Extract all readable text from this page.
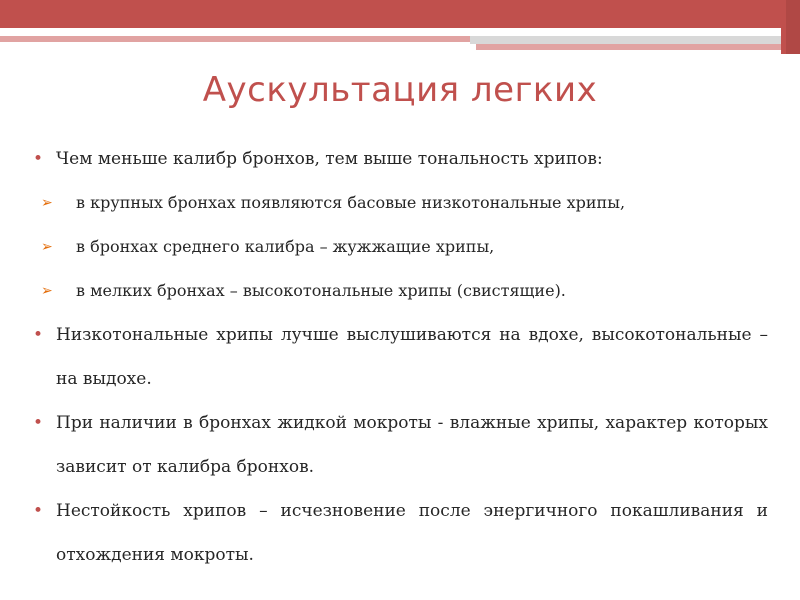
Аускультация легких
• Чем меньше калибр бронхов, тем выше тональность хрипов:
➢ в крупных бронхах появляются басовые низкотональные хрипы,
➢ в бронхах среднего калибра – жужжащие хрипы,
➢ в мелких бронхах – высокотональные хрипы (свистящие).
• Низкотональные хрипы лучше выслушиваются на вдохе, высокотональные – на выдохе.
• При наличии в бронхах жидкой мокроты - влажные хрипы, характер которых зависит от калибра бронхов.
• Нестойкость хрипов – исчезновение после энергичного покашливания и отхождения мокроты.
